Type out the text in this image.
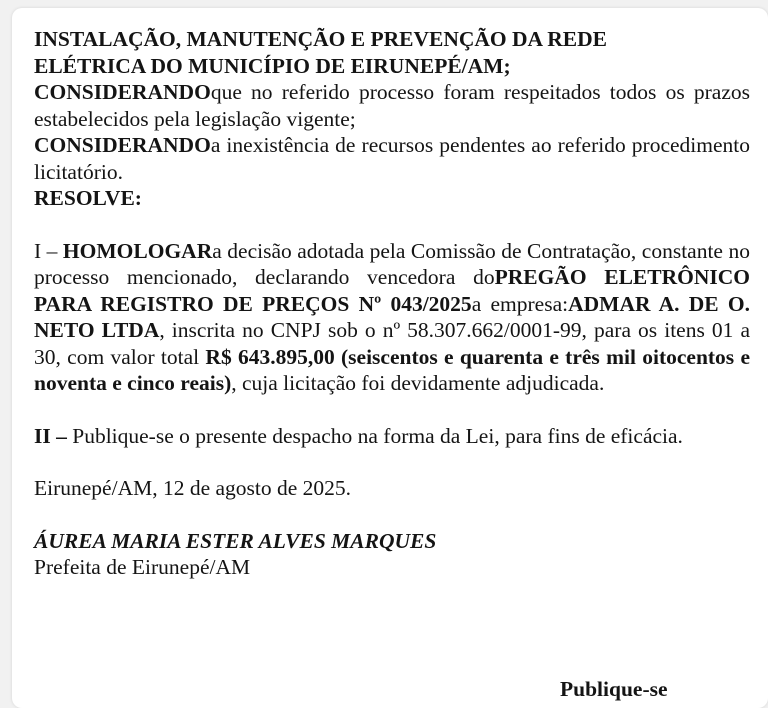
INSTALAÇÃO, MANUTENÇÃO E PREVENÇÃO DA REDE
ELÉTRICA DO MUNICÍPIO DE EIRUNEPÉ/AM;

CONSIDERANDOque no referido processo foram respeitados todos os prazos estabelecidos pela legislação vigente;

CONSIDERANDOa inexistência de recursos pendentes ao referido procedimento licitatório.

RESOLVE:

I – HOMOLOGARa decisão adotada pela Comissão de Contratação, constante no processo mencionado, declarando vencedora doPREGÃO ELETRÔNICO PARA REGISTRO DE PREÇOS Nº 043/2025a empresa:ADMAR A. DE O. NETO LTDA, inscrita no CNPJ sob o nº 58.307.662/0001-99, para os itens 01 a 30, com valor total R$ 643.895,00 (seiscentos e quarenta e três mil oitocentos e noventa e cinco reais), cuja licitação foi devidamente adjudicada.

II – Publique-se o presente despacho na forma da Lei, para fins de eficácia.

Eirunepé/AM, 12 de agosto de 2025.

ÁUREA MARIA ESTER ALVES MARQUES

Prefeita de Eirunepé/AM

Publique-se
